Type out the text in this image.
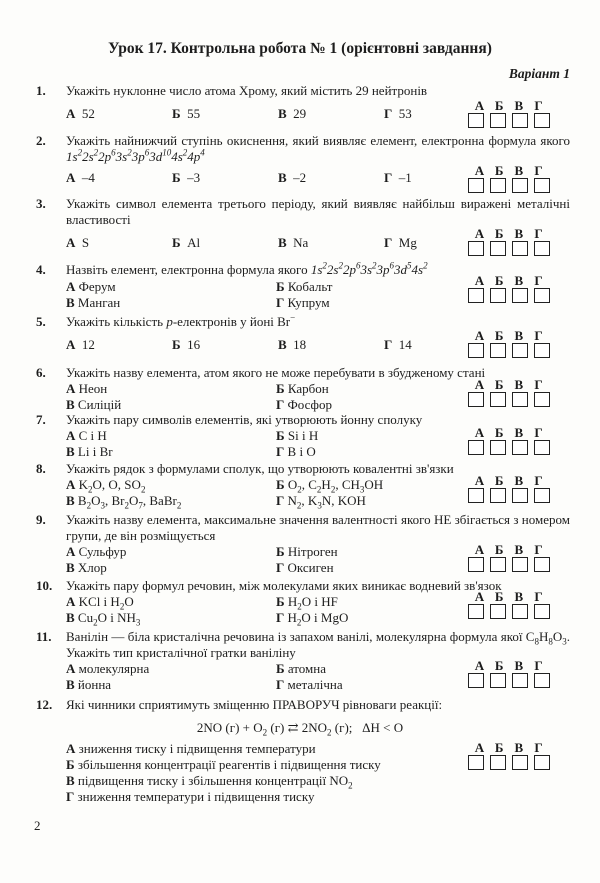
Урок 17. Контрольна робота № 1 (орієнтовні завдання)
Варіант 1
1.	Укажіть нуклонне число атома Хрому, який містить 29 нейтронів
А 52	Б 55	В 29	Г 53
А Б В Г
2.	Укажіть найнижчий ступінь окиснення, який виявляє елемент, електронна формула якого $1s^22s^22p^63s^23p^63d^{10}4s^24p^4$
А –4	Б –3	В –2	Г –1	А Б В Г
3.	Укажіть символ елемента третього періоду, який виявляє найбільш виражені металічні властивості
А S	Б Al	В Na	Г Mg
А Б В Г
4.	Назвіть елемент, електронна формула якого $1s^22s^22p^63s^23p^63d^54s^2$
А Ферум	Б Кобальт
В Манган	Г Купрум
А Б В Г
5.	Укажіть кількість p-електронів у йоні Br−
А 12	Б 16	В 18	Г 14
А Б В Г
6.	Укажіть назву елемента, атом якого не може перебувати в збудженому стані
А Неон	Б Карбон
В Силіцій	Г Фосфор
А Б В Г
7.	Укажіть пару символів елементів, які утворюють йонну сполуку
А C і H	Б Si і H
В Li і Br	Г B і O
А Б В Г
8.	Укажіть рядок з формулами сполук, що утворюють ковалентні зв'язки
А $K_2O$, O, $SO_2$	Б $O_2$, $C_2H_2$, $CH_3OH$
В $B_2O_3$, $Br_2O_7$, BaBr$_2$	Г $N_2$, $K_3N$, KOH
А Б В Г
9.	Укажіть назву елемента, максимальне значення валентності якого НЕ збігається з номером групи, де він розміщується
А Сульфур	Б Нітроген
В Хлор	Г Оксиген
А Б В Г
10.	Укажіть пару формул речовин, між молекулами яких виникає водневий зв'язок
А KCl і $H_2O$	Б $H_2O$ і HF
В $Cu_2O$ і $NH_3$	Г $H_2O$ і MgO
А Б В Г
11.	Ванілін — біла кристалічна речовина із запахом ванілі, молекулярна формула якої $C_8H_8O_3$. Укажіть тип кристалічної гратки ваніліну
А молекулярна	Б атомна
В йонна	Г металічна
А Б В Г
12.	Які чинники сприятимуть зміщенню ПРАВОРУЧ рівноваги реакції:
2NO $(г) + O_2$ (г) ⇄ $2NO_2$ (г);   ΔH < O
А зниження тиску і підвищення температури
Б збільшення концентрації реагентів і підвищення тиску
В підвищення тиску і збільшення концентрації $NO_2$
Г зниження температури і підвищення тиску
А Б В Г
2
